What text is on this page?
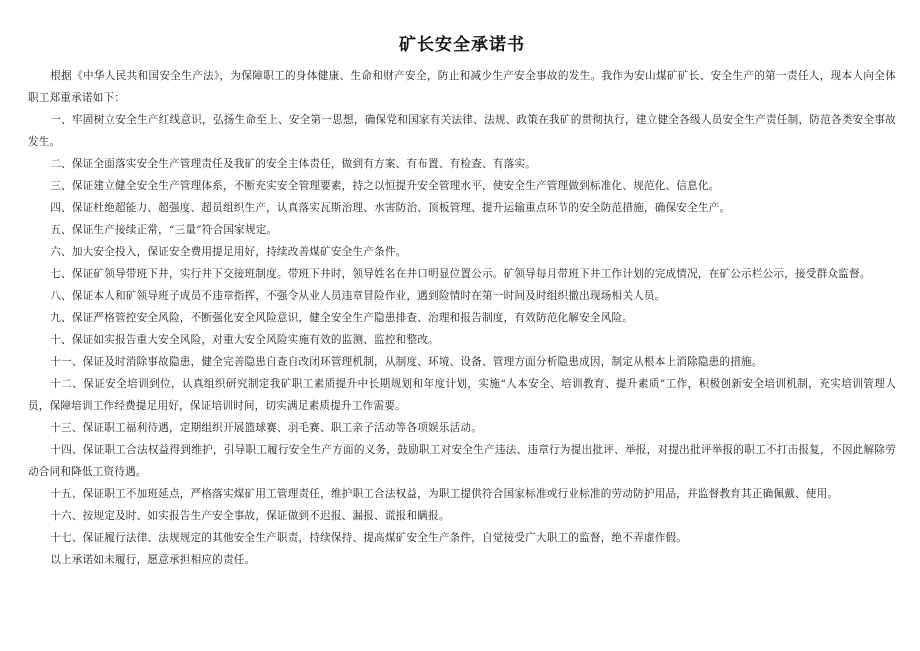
矿长安全承诺书

根据《中华人民共和国安全生产法》，为保障职工的身体健康、生命和财产安全，防止和减少生产安全事故的发生。我作为安山煤矿矿长、安全生产的第一责任人，现本人向全体职工郑重承诺如下：

一、牢固树立安全生产红线意识，弘扬生命至上、安全第一思想，确保党和国家有关法律、法规、政策在我矿的贯彻执行，建立健全各级人员安全生产责任制，防范各类安全事故发生。

二、保证全面落实安全生产管理责任及我矿的安全主体责任，做到有方案、有布置、有检查、有落实。

三、保证建立健全安全生产管理体系，不断充实安全管理要素，持之以恒提升安全管理水平，使安全生产管理做到标准化、规范化、信息化。

四、保证杜绝超能力、超强度、超员组织生产，认真落实瓦斯治理、水害防治、顶板管理、提升运输重点环节的安全防范措施，确保安全生产。

五、保证生产接续正常，“三量”符合国家规定。

六、加大安全投入，保证安全费用提足用好，持续改善煤矿安全生产条件。

七、保证矿领导带班下井，实行井下交接班制度。带班下井时，领导姓名在井口明显位置公示。矿领导每月带班下井工作计划的完成情况，在矿公示栏公示，接受群众监督。

八、保证本人和矿领导班子成员不违章指挥，不强令从业人员违章冒险作业，遇到险情时在第一时间及时组织撤出现场相关人员。

九、保证严格管控安全风险，不断强化安全风险意识，健全安全生产隐患排查、治理和报告制度，有效防范化解安全风险。

十、保证如实报告重大安全风险，对重大安全风险实施有效的监测、监控和整改。

十一、保证及时消除事故隐患，健全完善隐患自查自改闭环管理机制，从制度、环境、设备、管理方面分析隐患成因，制定从根本上消除隐患的措施。

十二、保证安全培训到位，认真组织研究制定我矿职工素质提升中长期规划和年度计划，实施“人本安全、培训教育、提升素质”工作，积极创新安全培训机制，充实培训管理人员，保障培训工作经费提足用好，保证培训时间，切实满足素质提升工作需要。

十三、保证职工福利待遇，定期组织开展篮球赛、羽毛赛、职工亲子活动等各项娱乐活动。

十四、保证职工合法权益得到维护，引导职工履行安全生产方面的义务，鼓励职工对安全生产违法、违章行为提出批评、举报，对提出批评举报的职工不打击报复，不因此解除劳动合同和降低工资待遇。

十五、保证职工不加班延点，严格落实煤矿用工管理责任，维护职工合法权益，为职工提供符合国家标准或行业标准的劳动防护用品，并监督教育其正确佩戴、使用。

十六、按规定及时、如实报告生产安全事故，保证做到不迟报、漏报、谎报和瞒报。

十七、保证履行法律、法规规定的其他安全生产职责，持续保持、提高煤矿安全生产条件，自觉接受广大职工的监督，绝不弄虚作假。

以上承诺如未履行，愿意承担相应的责任。
